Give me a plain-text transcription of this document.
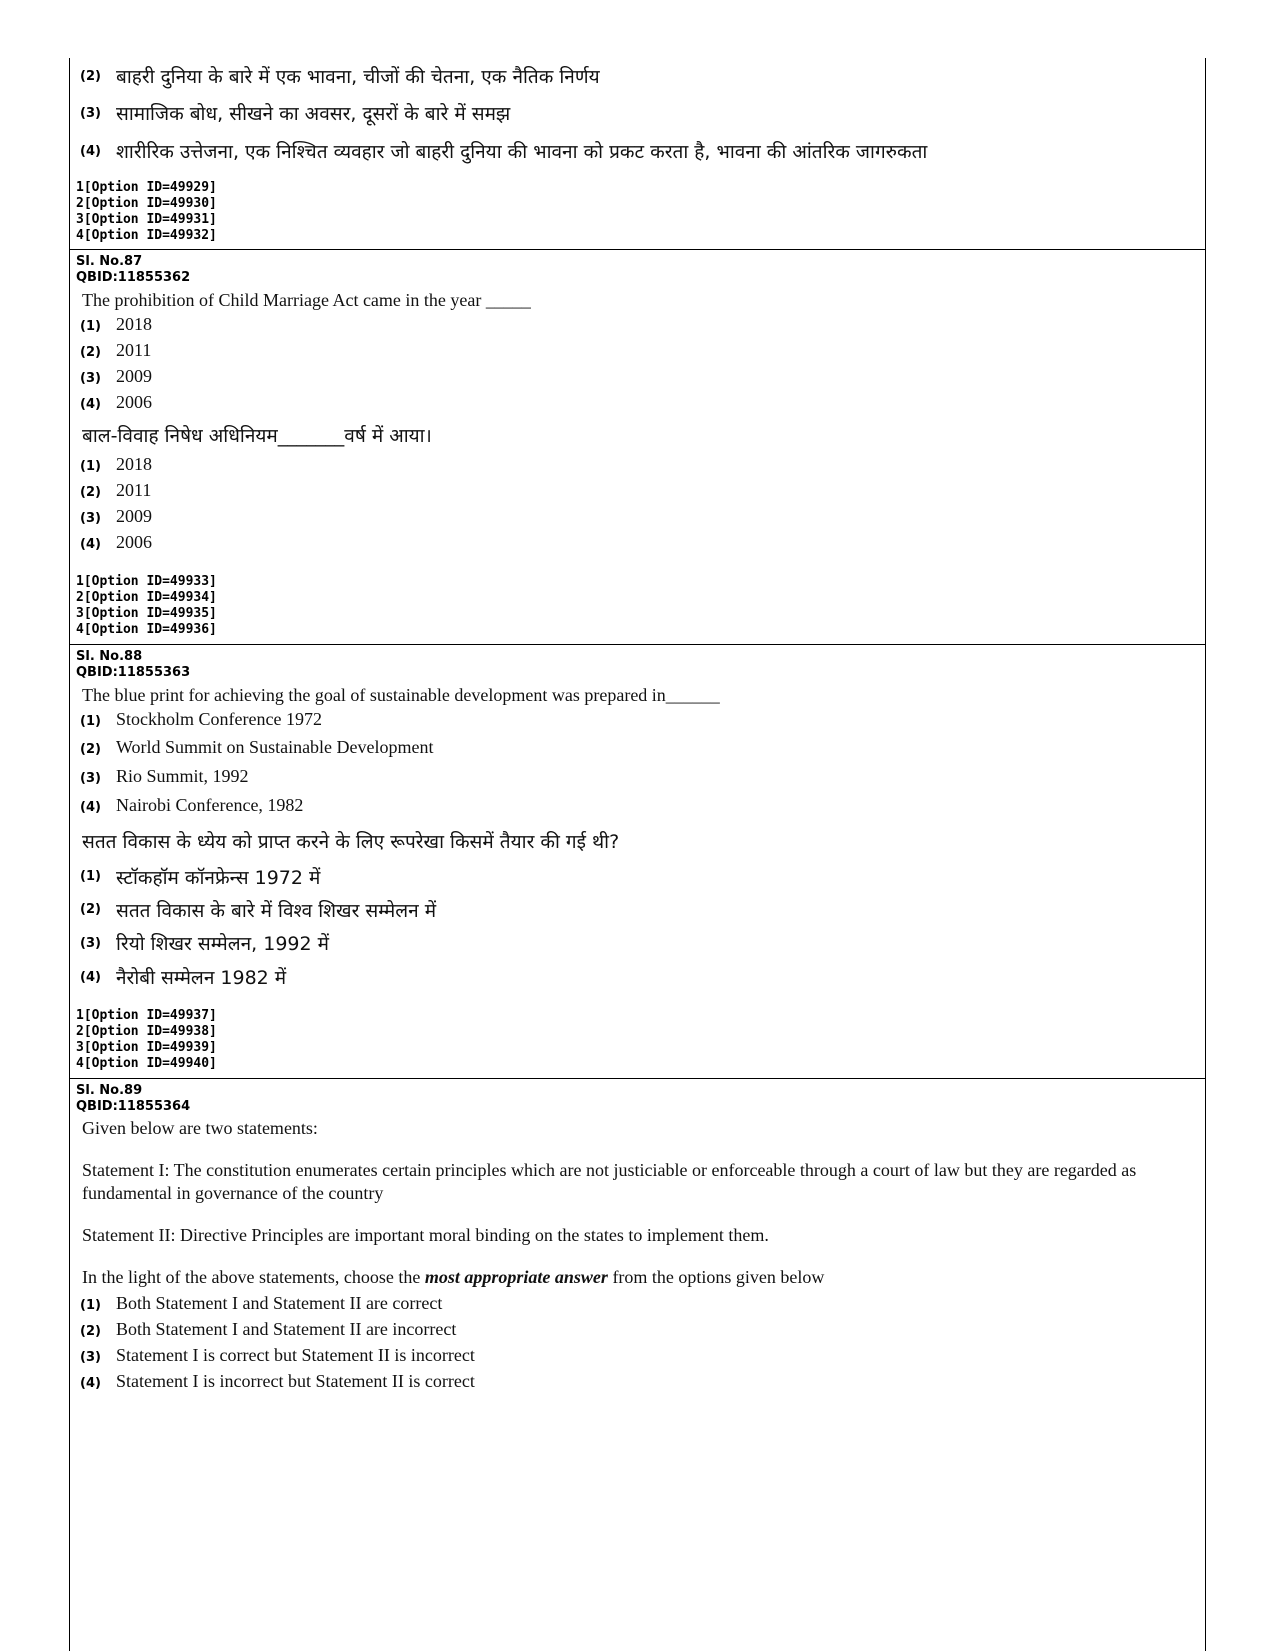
(2) बाहरी दुनिया के बारे में एक भावना, चीजों की चेतना, एक नैतिक निर्णय
(3) सामाजिक बोध, सीखने का अवसर, दूसरों के बारे में समझ
(4) शारीरिक उत्तेजना, एक निश्चित व्यवहार जो बाहरी दुनिया की भावना को प्रकट करता है, भावना की आंतरिक जागरुकता
1[Option ID=49929]
2[Option ID=49930]
3[Option ID=49931]
4[Option ID=49932]
Sl. No.87
QBID:11855362
The prohibition of Child Marriage Act came in the year _____
(1) 2018
(2) 2011
(3) 2009
(4) 2006
बाल-विवाह निषेध अधिनियम_______वर्ष में आया।
(1) 2018
(2) 2011
(3) 2009
(4) 2006
1[Option ID=49933]
2[Option ID=49934]
3[Option ID=49935]
4[Option ID=49936]
Sl. No.88
QBID:11855363
The blue print for achieving the goal of sustainable development was prepared in______
(1) Stockholm Conference 1972
(2) World Summit on Sustainable Development
(3) Rio Summit, 1992
(4) Nairobi Conference, 1982
सतत विकास के ध्येय को प्राप्त करने के लिए रूपरेखा किसमें तैयार की गई थी?
(1) स्टॉकहॉम कॉनफ्रेन्स 1972 में
(2) सतत विकास के बारे में विश्व शिखर सम्मेलन में
(3) रियो शिखर सम्मेलन, 1992 में
(4) नैरोबी सम्मेलन 1982 में
1[Option ID=49937]
2[Option ID=49938]
3[Option ID=49939]
4[Option ID=49940]
Sl. No.89
QBID:11855364
Given below are two statements:
Statement I: The constitution enumerates certain principles which are not justiciable or enforceable through a court of law but they are regarded as fundamental in governance of the country
Statement II: Directive Principles are important moral binding on the states to implement them.
In the light of the above statements, choose the most appropriate answer from the options given below
(1) Both Statement I and Statement II are correct
(2) Both Statement I and Statement II are incorrect
(3) Statement I is correct but Statement II is incorrect
(4) Statement I is incorrect but Statement II is correct
